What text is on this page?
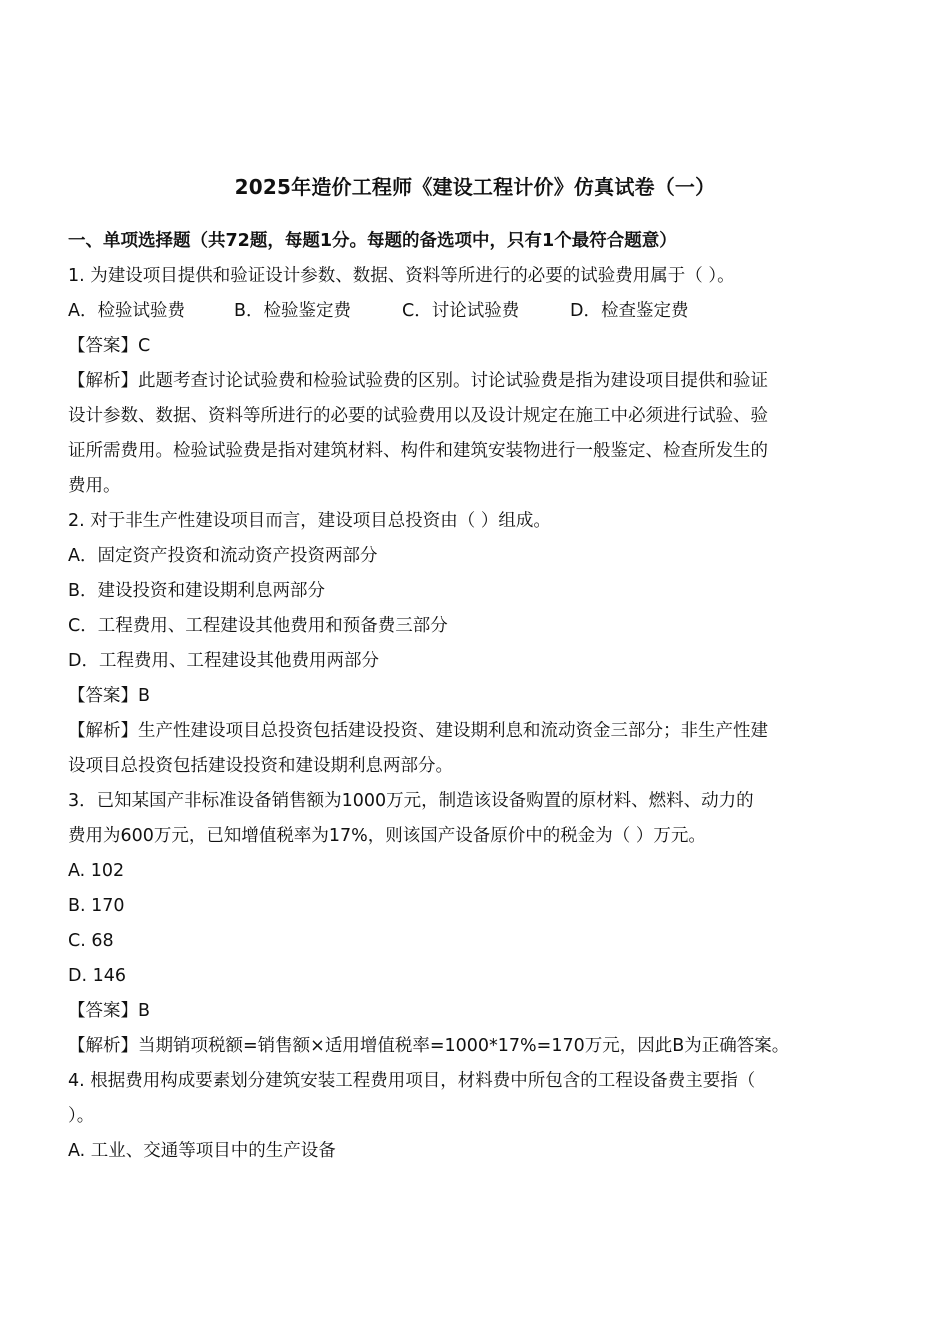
2025年造价工程师《建设工程计价》仿真试卷（一）
一、单项选择题（共72题，每题1分。每题的备选项中，只有1个最符合题意）
1. 为建设项目提供和验证设计参数、数据、资料等所进行的必要的试验费用属于（ ）。
A．检验试验费	B．检验鉴定费	C．讨论试验费	D．检查鉴定费
【答案】C
【解析】此题考查讨论试验费和检验试验费的区别。讨论试验费是指为建设项目提供和验证
设计参数、数据、资料等所进行的必要的试验费用以及设计规定在施工中必须进行试验、验
证所需费用。检验试验费是指对建筑材料、构件和建筑安装物进行一般鉴定、检查所发生的
费用。
2. 对于非生产性建设项目而言，建设项目总投资由（ ）组成。
A．固定资产投资和流动资产投资两部分
B．建设投资和建设期利息两部分
C．工程费用、工程建设其他费用和预备费三部分
D．工程费用、工程建设其他费用两部分
【答案】B
【解析】生产性建设项目总投资包括建设投资、建设期利息和流动资金三部分；非生产性建
设项目总投资包括建设投资和建设期利息两部分。
3．已知某国产非标准设备销售额为1000万元，制造该设备购置的原材料、燃料、动力的
费用为600万元，已知增值税率为17%，则该国产设备原价中的税金为（ ）万元。
A. 102
B. 170
C. 68
D. 146
【答案】B
【解析】当期销项税额=销售额×适用增值税率=1000*17%=170万元，因此B为正确答案。
4. 根据费用构成要素划分建筑安装工程费用项目，材料费中所包含的工程设备费主要指（
）。
A. 工业、交通等项目中的生产设备
